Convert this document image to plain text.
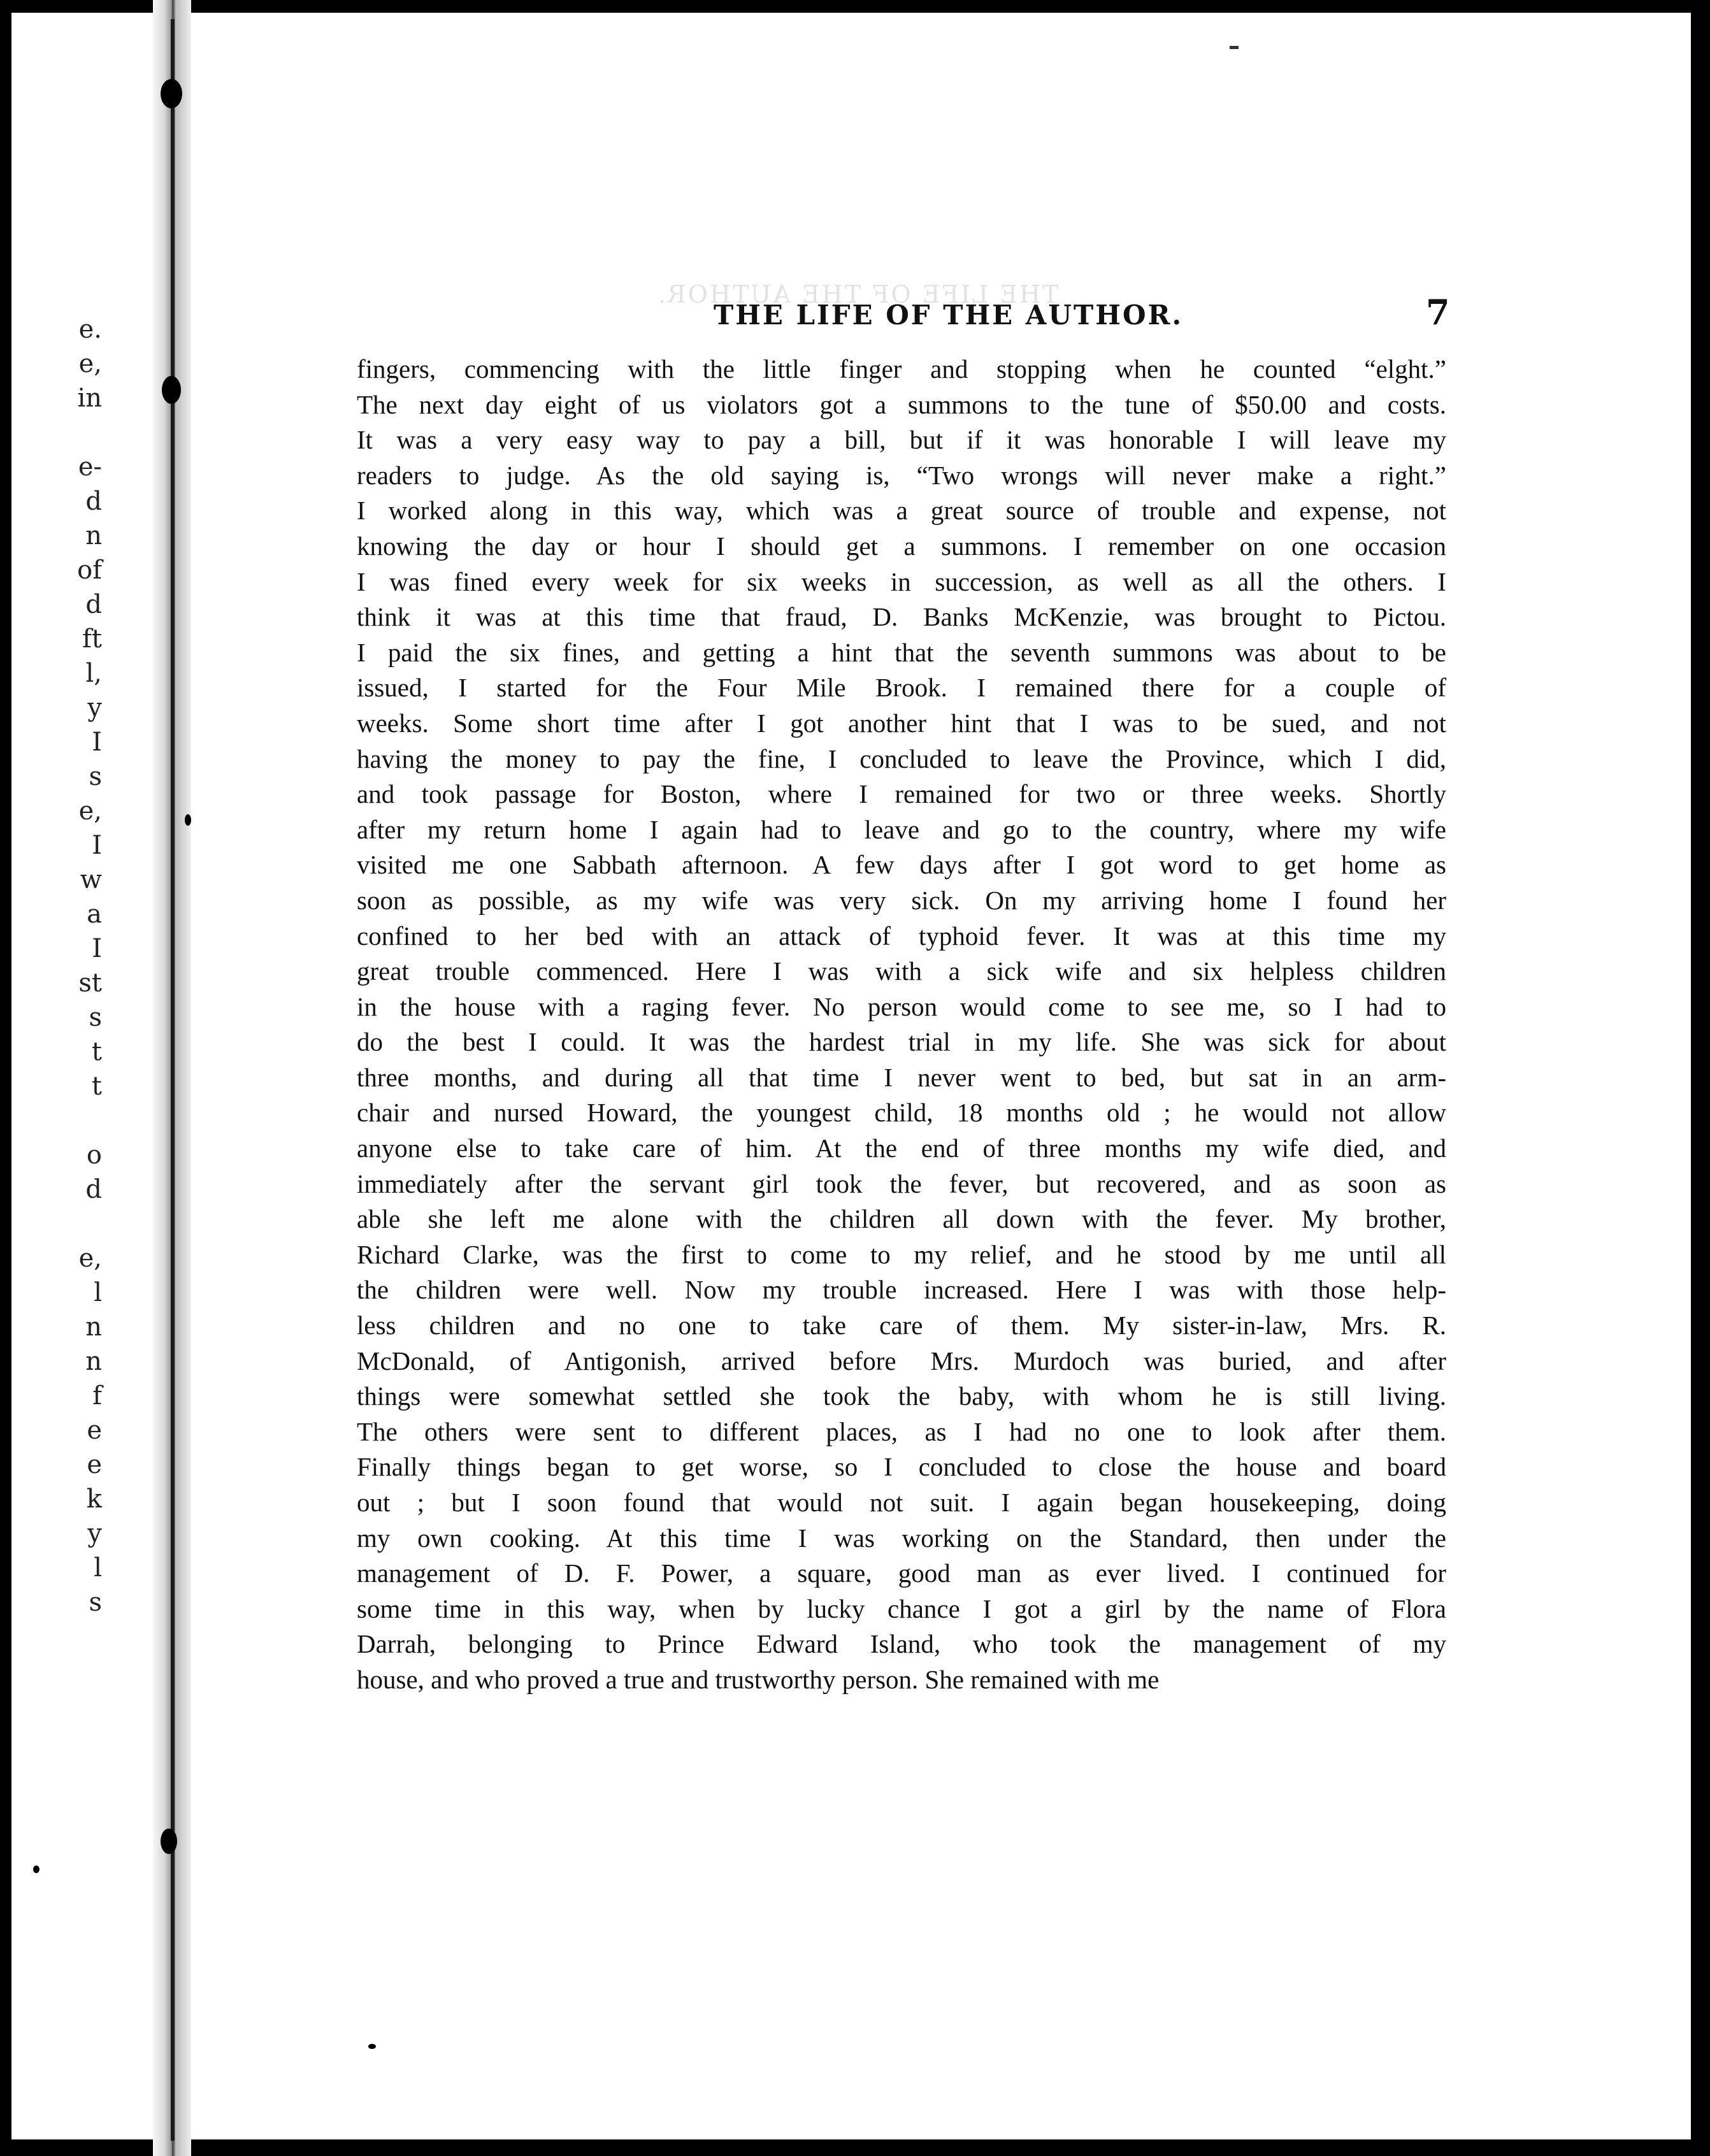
e.
e,
in
e-
d
n
of
d
ft
l,
y
I
s
e,
I
w
a
I
st
s
t
t
o
d
e,
l
n
n
f
e
e
k
y
l
s
THE LIFE OF THE AUTHOR.
THE LIFE OF THE AUTHOR.	7

fingers, commencing with the little finger and stopping when he counted “elght.”

The next day eight of us violators got a summons to the tune of $50.00 and costs.

It was a very easy way to pay a bill, but if it was honorable I will leave my

readers to judge. As the old saying is, “Two wrongs will never make a right.”

I worked along in this way, which was a great source of trouble and expense, not

knowing the day or hour I should get a summons. I remember on one occasion

I was fined every week for six weeks in succession, as well as all the others. I

think it was at this time that fraud, D. Banks McKenzie, was brought to Pictou.

I paid the six fines, and getting a hint that the seventh summons was about to be

issued, I started for the Four Mile Brook. I remained there for a couple of

weeks. Some short time after I got another hint that I was to be sued, and not

having the money to pay the fine, I concluded to leave the Province, which I did,

and took passage for Boston, where I remained for two or three weeks. Shortly

after my return home I again had to leave and go to the country, where my wife

visited me one Sabbath afternoon. A few days after I got word to get home as

soon as possible, as my wife was very sick. On my arriving home I found her

confined to her bed with an attack of typhoid fever. It was at this time my

great trouble commenced. Here I was with a sick wife and six helpless children

in the house with a raging fever. No person would come to see me, so I had to

do the best I could. It was the hardest trial in my life. She was sick for about

three months, and during all that time I never went to bed, but sat in an arm-

chair and nursed Howard, the youngest child, 18 months old ; he would not allow

anyone else to take care of him. At the end of three months my wife died, and

immediately after the servant girl took the fever, but recovered, and as soon as

able she left me alone with the children all down with the fever. My brother,

Richard Clarke, was the first to come to my relief, and he stood by me until all

the children were well. Now my trouble increased. Here I was with those help-

less children and no one to take care of them. My sister-in-law, Mrs. R.

McDonald, of Antigonish, arrived before Mrs. Murdoch was buried, and after

things were somewhat settled she took the baby, with whom he is still living.

The others were sent to different places, as I had no one to look after them.

Finally things began to get worse, so I concluded to close the house and board

out ; but I soon found that would not suit. I again began housekeeping, doing

my own cooking. At this time I was working on the Standard, then under the

management of D. F. Power, a square, good man as ever lived. I continued for

some time in this way, when by lucky chance I got a girl by the name of Flora

Darrah, belonging to Prince Edward Island, who took the management of my

house, and who proved a true and trustworthy person. She remained with me
